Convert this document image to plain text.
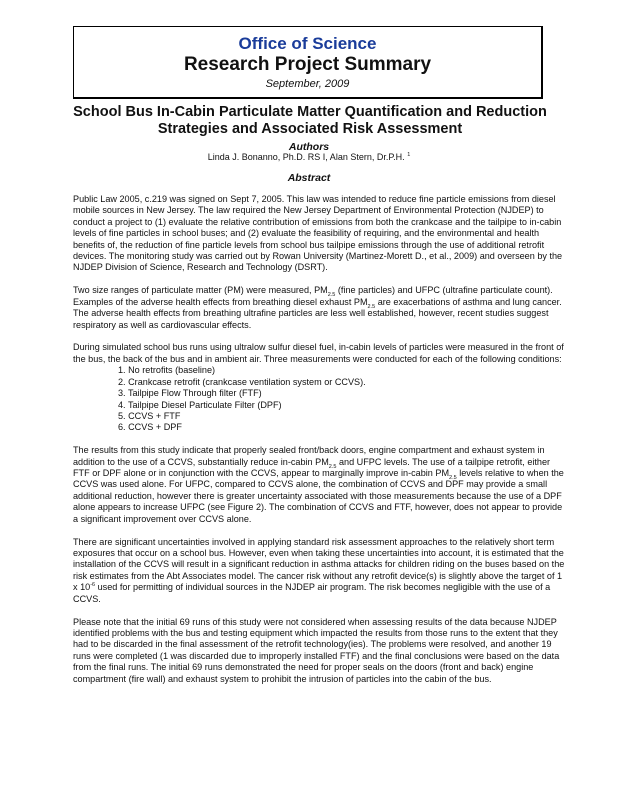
Office of Science
Research Project Summary
September, 2009
School Bus In-Cabin Particulate Matter Quantification and Reduction
Strategies and Associated Risk Assessment
Authors
Linda J. Bonanno, Ph.D. RS I, Alan Stern, Dr.P.H. $^1$
Abstract

Public Law 2005, c.219 was signed on Sept 7, 2005. This law was intended to reduce fine particle emissions from diesel mobile sources in New Jersey. The law required the New Jersey Department of Environmental Protection (NJDEP) to conduct a project to (1) evaluate the relative contribution of emissions from both the crankcase and the tailpipe to in-cabin levels of fine particles in school buses; and (2) evaluate the feasibility of requiring, and the environmental and health benefits of, the reduction of fine particle levels from school bus tailpipe emissions through the use of additional retrofit devices. The monitoring study was carried out by Rowan University (Martinez-Morett D., et al., 2009) and overseen by the NJDEP Division of Science, Research and Technology (DSRT).

Two size ranges of particulate matter (PM) were measured, $PM_{2.5}$ (fine particles) and UFPC (ultrafine particulate count). Examples of the adverse health effects from breathing diesel exhaust $PM_{2.5}$ are exacerbations of asthma and lung cancer. The adverse health effects from breathing ultrafine particles are less well established, however, recent studies suggest respiratory as well as cardiovascular effects.

During simulated school bus runs using ultralow sulfur diesel fuel, in-cabin levels of particles were measured in the front of the bus, the back of the bus and in ambient air. Three measurements were conducted for each of the following conditions:

1. No retrofits (baseline)
2. Crankcase retrofit (crankcase ventilation system or CCVS).
3. Tailpipe Flow Through filter (FTF)
4. Tailpipe Diesel Particulate Filter (DPF)
5. CCVS + FTF
6. CCVS + DPF

The results from this study indicate that properly sealed front/back doors, engine compartment and exhaust system in addition to the use of a CCVS, substantially reduce in-cabin $PM_{2.5}$ and UFPC levels. The use of a tailpipe retrofit, either FTF or DPF alone or in conjunction with the CCVS, appear to marginally improve in-cabin $PM_{2.5}$ levels relative to when the CCVS was used alone. For UFPC, compared to CCVS alone, the combination of CCVS and DPF may provide a small additional reduction, however there is greater uncertainty associated with those measurements because the use of a DPF alone appears to increase UFPC (see Figure 2). The combination of CCVS and FTF, however, does not appear to provide a significant improvement over CCVS alone.

There are significant uncertainties involved in applying standard risk assessment approaches to the relatively short term exposures that occur on a school bus. However, even when taking these uncertainties into account, it is estimated that the installation of the CCVS will result in a significant reduction in asthma attacks for children riding on the buses based on the risk estimates from the Abt Associates model. The cancer risk without any retrofit device(s) is slightly above the target of 1 x $10^{-6}$ used for permitting of individual sources in the NJDEP air program. The risk becomes negligible with the use of a CCVS.

Please note that the initial 69 runs of this study were not considered when assessing results of the data because NJDEP identified problems with the bus and testing equipment which impacted the results from those runs to the extent that they had to be discarded in the final assessment of the retrofit technology(ies). The problems were resolved, and another 19 runs were completed (1 was discarded due to improperly installed FTF) and the final conclusions were based on the data from the final runs. The initial 69 runs demonstrated the need for proper seals on the doors (front and back) engine compartment (fire wall) and exhaust system to prohibit the intrusion of particles into the cabin of the bus.
